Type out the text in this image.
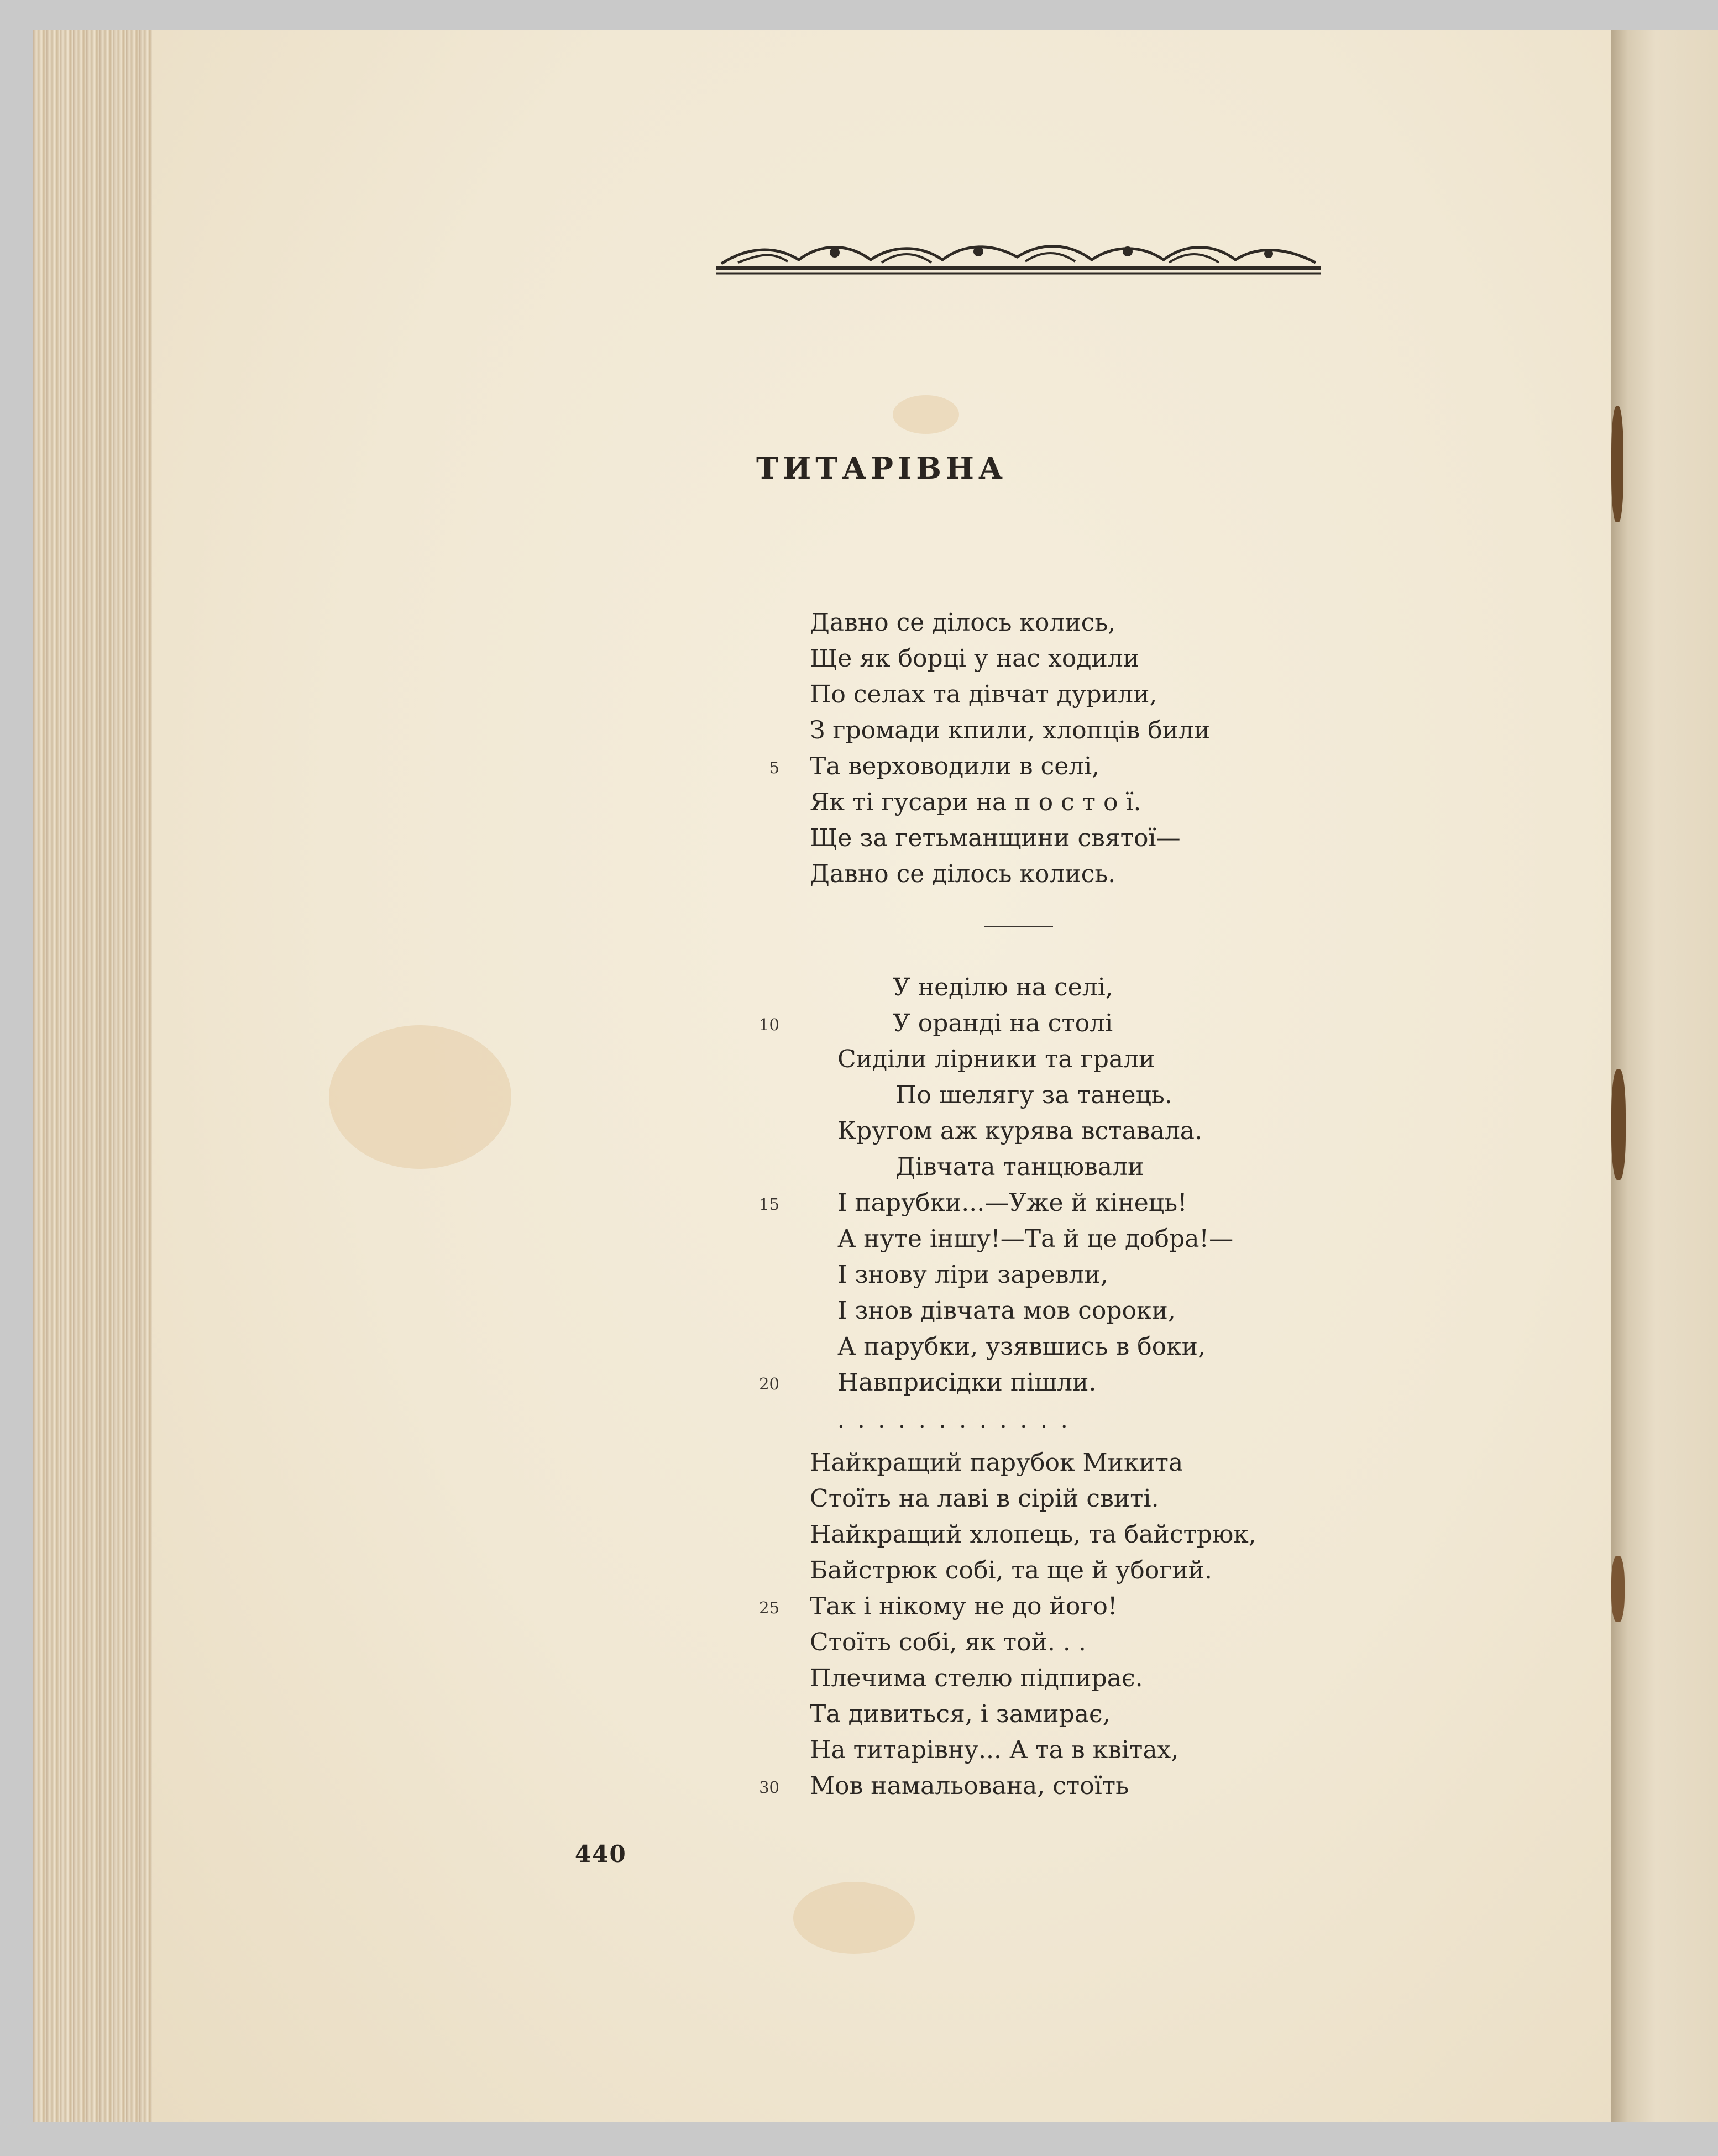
ТИТАРІВНА
Давно се ділось колись,
Ще як борці у нас ходили
По селах та дівчат дурили,
З громади кпили, хлопців били
5 Та верховодили в селі,
Як ті гусари на п о с т о ї.
Ще за гетьманщини святої—
Давно се ділось колись.
У неділю на селі,
10	У оранді на столі
Сиділи лірники та грали
По шелягу за танець.
Кругом аж курява вставала.
Дівчата танцювали
15 І парубки...—Уже й кінець!
А нуте іншу!—Та й це добра!—
І знову ліри заревли,
І знов дівчата мов сороки,
А парубки, узявшись в боки,
20 Навприсідки пішли.
............
Найкращий парубок Микита
Стоїть на лаві в сірій свиті.
Найкращий хлопець, та байстрюк,
Байстрюк собі, та ще й убогий.
25 Так і нікому не до його!
Стоїть собі, як той. . .
Плечима стелю підпирає.
Та дивиться, і замирає,
На титарівну... А та в квітах,
30 Мов намальована, стоїть
440
